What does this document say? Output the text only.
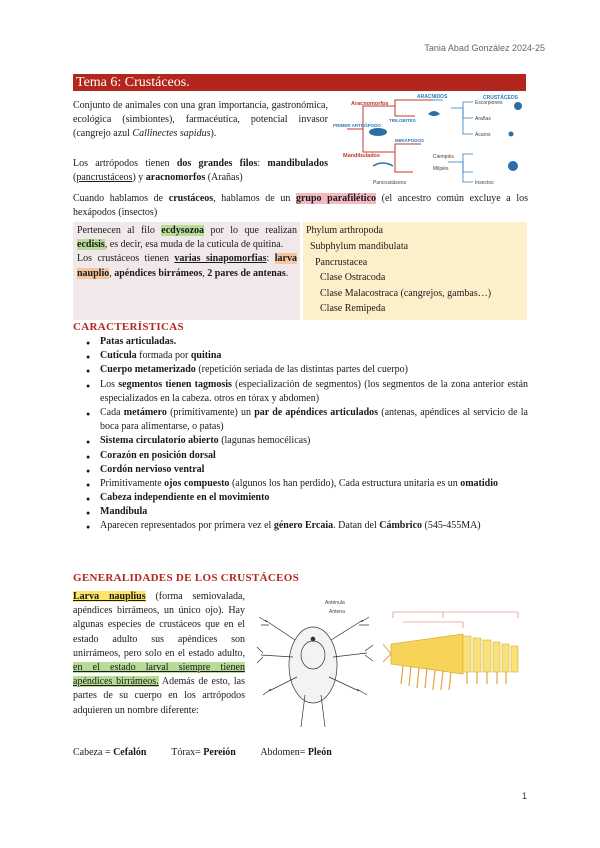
Tania Abad González 2024-25
Tema 6: Crustáceos.
Conjunto de animales con una gran importancia, gastronómica, ecológica (simbiontes), farmacéutica, potencial invasor (cangrejo azul Callinectes sapidus).
Aracnomorfos
ARÁCNIDOS
TRILOBITES
PRIMER ARTRÓPODO
MIRIÁPODOS
Mandibulados
CRUSTÁCEOS
Escorpiones
Arañas
Ácaros
Ciempiés
Milpiés
Pancrustáceos	Insectos
Los artrópodos tienen dos grandes filos: mandibulados (pancrustáceos) y aracnomorfos (Arañas)
Cuando hablamos de crustáceos, hablamos de un grupo parafilético (el ancestro común excluye a los hexápodos (insectos)
Pertenecen al filo ecdysozoa por lo que realizan ecdisis, es decir, esa muda de la cutícula de quitina.
Los crustáceos tienen varias sinapomorfias: larva nauplio, apéndices birrámeos, 2 pares de antenas.
Phylum arthropoda
Subphylum mandibulata
Pancrustacea
Clase Ostracoda
Clase Malacostraca (cangrejos, gambas…)
Clase Remipeda
CARACTERÍSTICAS
● Patas articuladas.
● Cutícula formada por quitina
● Cuerpo metamerizado (repetición seriada de las distintas partes del cuerpo)
● Los segmentos tienen tagmosis (especialización de segmentos) (los segmentos de la zona anterior están especializados en la cabeza. otros en tórax y abdomen)
● Cada metámero (primitivamente) un par de apéndices articulados (antenas, apéndices al servicio de la boca para alimentarse, o patas)
● Sistema circulatorio abierto (lagunas hemocélicas)
● Corazón en posición dorsal
● Cordón nervioso ventral
● Primitivamente ojos compuesto (algunos los han perdido), Cada estructura unitaria es un omatidio
● Cabeza independiente en el movimiento
● Mandíbula
● Aparecen representados por primera vez el género Ercaia. Datan del Cámbrico (545-455MA)
GENERALIDADES DE LOS CRUSTÁCEOS
Larva nauplius (forma semiovalada, apéndices birrámeos, un único ojo). Hay algunas especies de crustáceos que en el estado adulto sus apéndices son unirrámeos, pero solo en el estado adulto, en el estado larval siempre tienen apéndices birrámeos. Además de esto, las partes de su cuerpo en los artrópodos adquieren un nombre diferente:
Anténula
Antena
Cabeza = Cefalón Tórax= Pereión Abdomen= Pleón
1
